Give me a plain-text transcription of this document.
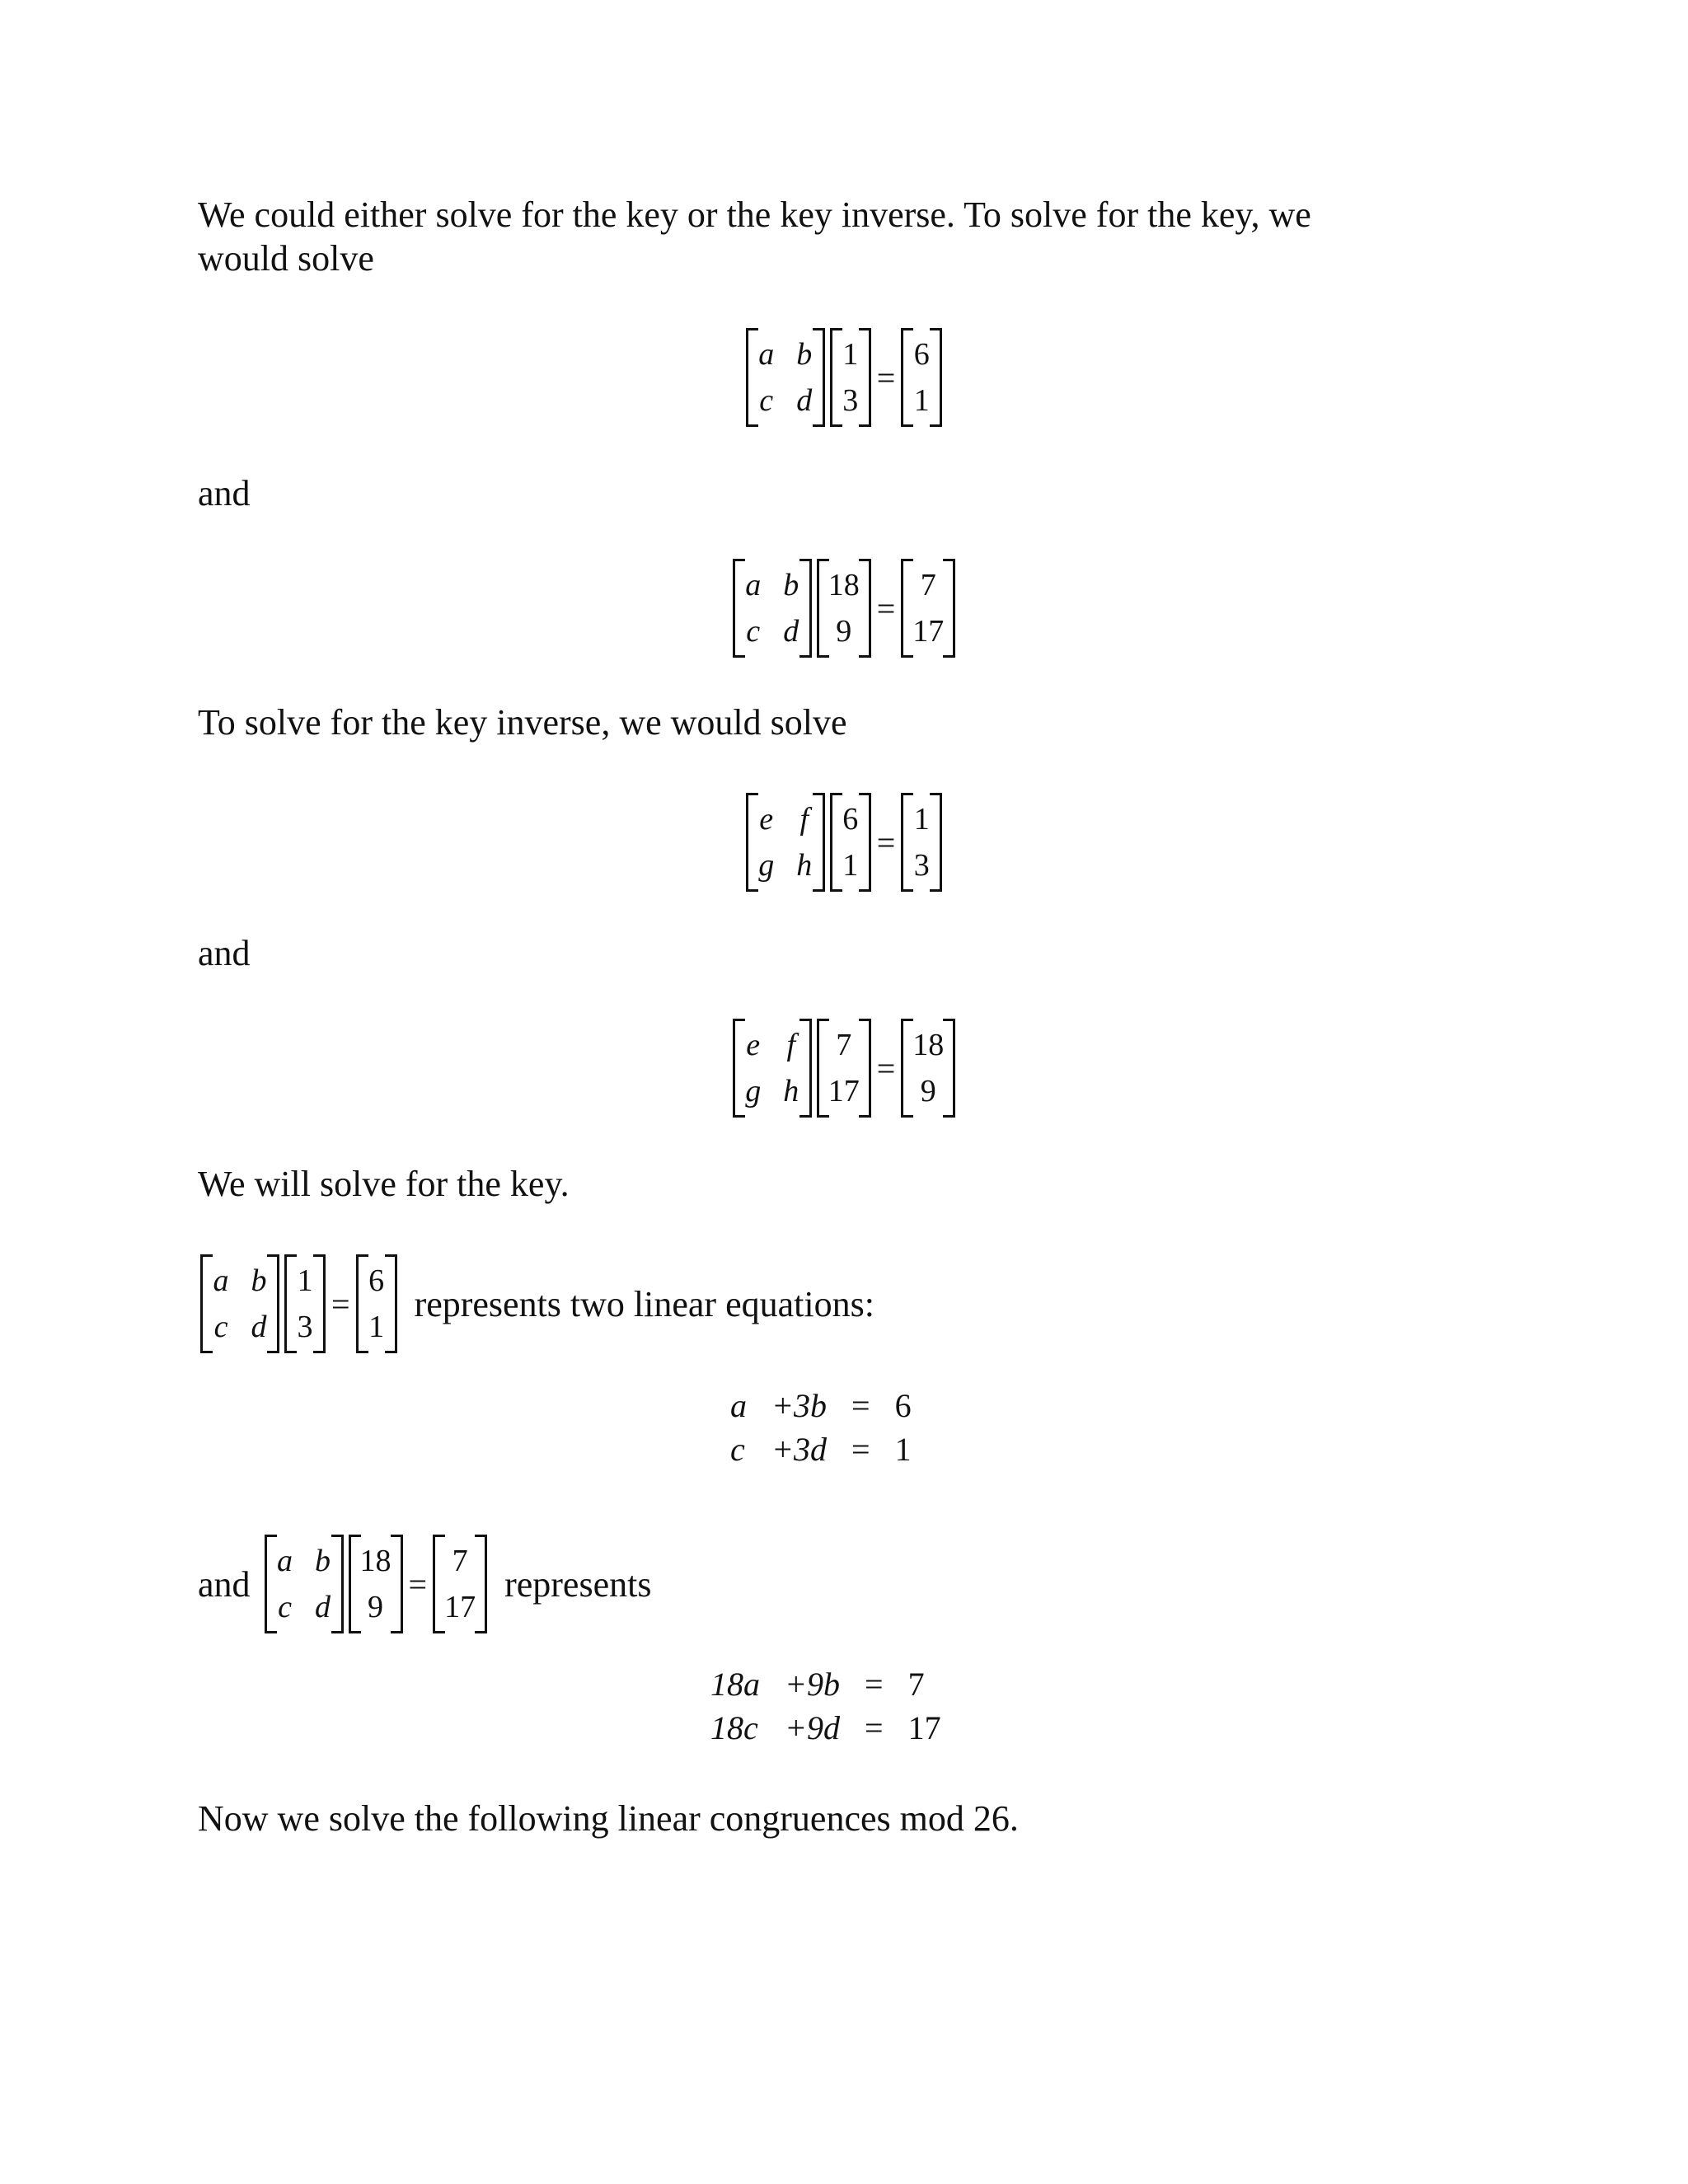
We could either solve for the key or the key inverse. To solve for the key, we

would solve

a b
c d
1
3
=
6
1

and

a b
c d
18
9
=
7
17

To solve for the key inverse, we would solve

e f
g h
6
1
=
1
3

and

e f
g h
7
17
=
18
9

We will solve for the key.

a b
c d
1
3
=
6
1
represents two linear equations:
a	+3b	=	6
c	+3d	=	1
and
a b
c d
18
9
=
7
17
represents
18a	+9b	=	7
18c	+9d	=	17

Now we solve the following linear congruences mod 26.
